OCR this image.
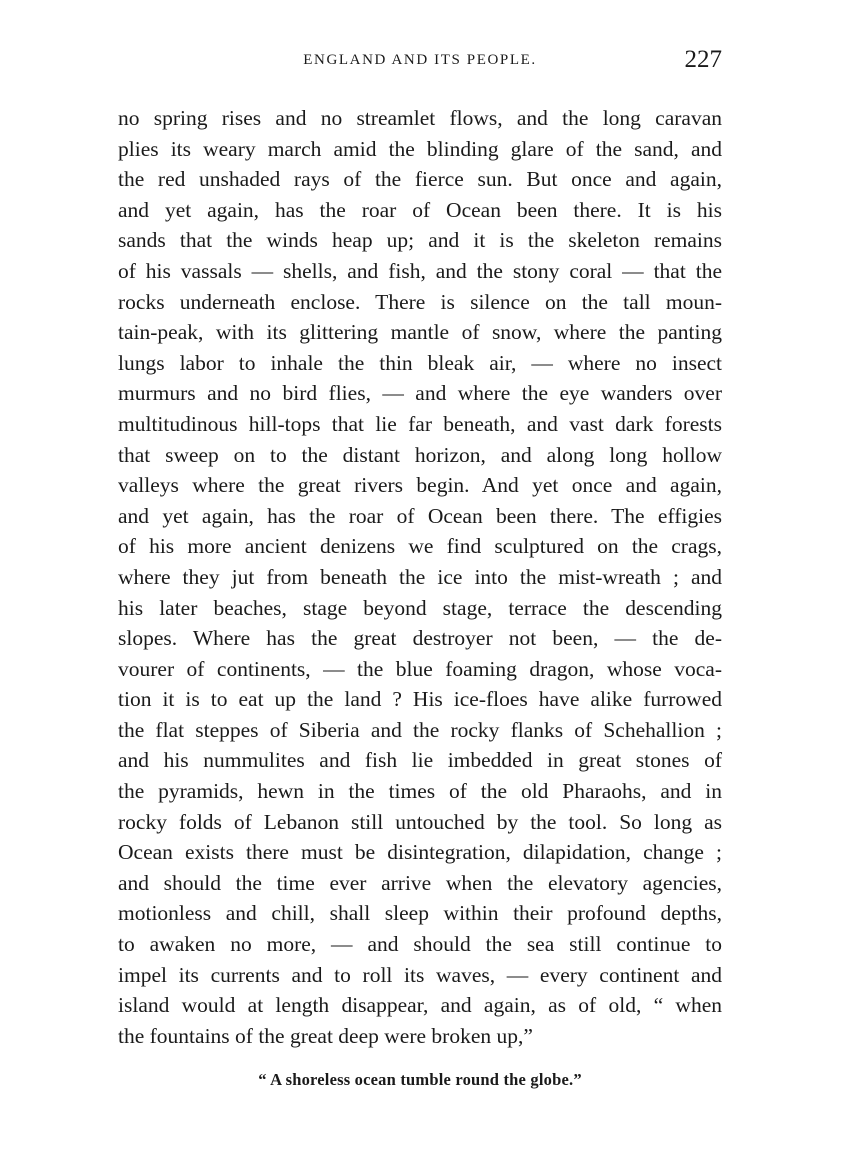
ENGLAND AND ITS PEOPLE.	227
no spring rises and no streamlet flows, and the long caravan
plies its weary march amid the blinding glare of the sand, and
the red unshaded rays of the fierce sun. But once and again,
and yet again, has the roar of Ocean been there. It is his
sands that the winds heap up; and it is the skeleton remains
of his vassals — shells, and fish, and the stony coral — that the
rocks underneath enclose. There is silence on the tall moun-
tain-peak, with its glittering mantle of snow, where the panting
lungs labor to inhale the thin bleak air, — where no insect
murmurs and no bird flies, — and where the eye wanders over
multitudinous hill-tops that lie far beneath, and vast dark forests
that sweep on to the distant horizon, and along long hollow
valleys where the great rivers begin. And yet once and again,
and yet again, has the roar of Ocean been there. The effigies
of his more ancient denizens we find sculptured on the crags,
where they jut from beneath the ice into the mist-wreath ; and
his later beaches, stage beyond stage, terrace the descending
slopes. Where has the great destroyer not been, — the de-
vourer of continents, — the blue foaming dragon, whose voca-
tion it is to eat up the land ? His ice-floes have alike furrowed
the flat steppes of Siberia and the rocky flanks of Schehallion ;
and his nummulites and fish lie imbedded in great stones of
the pyramids, hewn in the times of the old Pharaohs, and in
rocky folds of Lebanon still untouched by the tool. So long as
Ocean exists there must be disintegration, dilapidation, change ;
and should the time ever arrive when the elevatory agencies,
motionless and chill, shall sleep within their profound depths,
to awaken no more, — and should the sea still continue to
impel its currents and to roll its waves, — every continent and
island would at length disappear, and again, as of old, “ when
the fountains of the great deep were broken up,”
“ A shoreless ocean tumble round the globe.”
